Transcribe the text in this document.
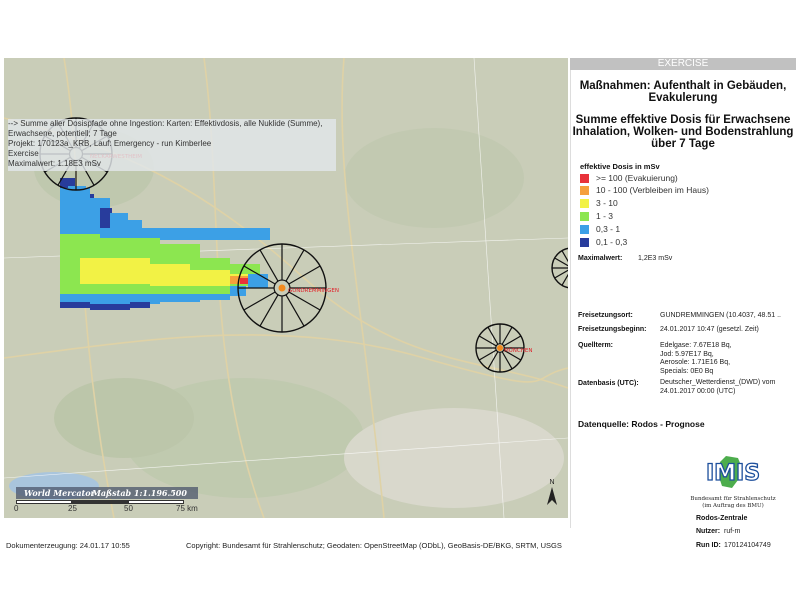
GUNDREMMINGEN
MÜNCHEN
--> Summe aller Dosispfade ohne Ingestion: Karten: Effektivdosis, alle Nuklide (Summe),
Erwachsene, potentiell; 7 Tage
Projekt: 170123a_KRB, Lauf: Emergency - run Kimberlee
Exercise
Maximalwert: 1.18E3 mSv
World Mercator
Maßstab 1:1.196.500
0	25	50	75 km
N
EXERCISE
Maßnahmen: Aufenthalt in Gebäuden,
Evakulerung
Summe effektive Dosis für Erwachsene
Inhalation, Wolken- und Bodenstrahlung
über 7 Tage
effektive Dosis in mSv
>= 100 (Evakuierung)
10 - 100 (Verbleiben im Haus)
3 - 10
1 - 3
0,3 - 1
0,1 - 0,3
Maximalwert: 1,2E3 mSv
Freisetzungsort:	GUNDREMMINGEN (10.4037, 48.51 ..
Freisetzungsbeginn: 24.01.2017 10:47 (gesetzl. Zeit)
Quellterm:	Edelgase: 7.67E18 Bq,
Jod: 5.97E17 Bq,
Aerosole: 1.71E16 Bq,
Specials: 0E0 Bq
Datenbasis (UTC):	Deutscher_Wetterdienst_(DWD) vom
24.01.2017 00:00 (UTC)
Datenquelle: Rodos - Prognose
IMIS
Bundesamt für Strahlenschutz
(im Auftrag des BMU)
Rodos-Zentrale
Nutzer: ruf-m
Run ID: 170124104749
Dokumenterzeugung: 24.01.17 10:55	Copyright: Bundesamt für Strahlenschutz; Geodaten: OpenStreetMap (ODbL), GeoBasis-DE/BKG, SRTM, USGS
